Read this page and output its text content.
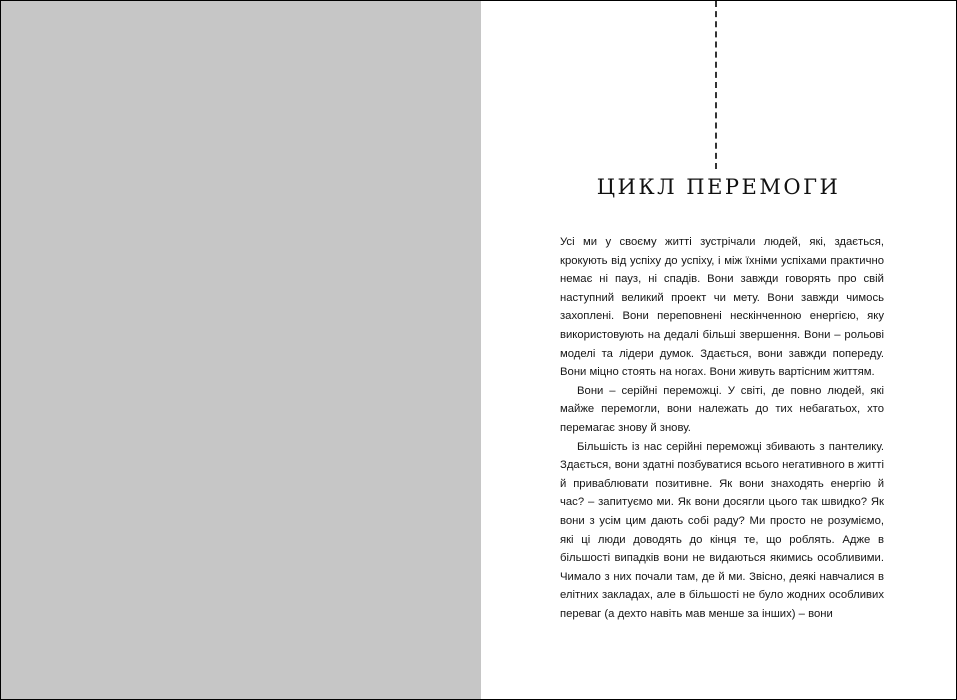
ЦИКЛ ПЕРЕМОГИ

Усі ми у своєму житті зустрічали людей, які, здається, крокують від успіху до успіху, і між їхніми успіхами практично немає ні пауз, ні спадів. Вони завжди говорять про свій наступний великий проект чи мету. Вони завжди чимось захоплені. Вони переповнені нескінченною енергією, яку використовують на дедалі більші звершення. Вони – рольові моделі та лідери думок. Здається, вони завжди попереду. Вони міцно стоять на ногах. Вони живуть вартісним життям.

Вони – серійні переможці. У світі, де повно людей, які майже перемогли, вони належать до тих небагатьох, хто перемагає знову й знову.

Більшість із нас серійні переможці збивають з пантелику. Здається, вони здатні позбуватися всього негативного в житті й приваблювати позитивне. Як вони знаходять енергію й час? – запитуємо ми. Як вони досягли цього так швидко? Як вони з усім цим дають собі раду? Ми просто не розуміємо, які ці люди доводять до кінця те, що роблять. Адже в більшості випадків вони не видаються якимись особливими. Чимало з них почали там, де й ми. Звісно, деякі навчалися в елітних закладах, але в більшості не було жодних особливих переваг (а дехто навіть мав менше за інших) – вони
